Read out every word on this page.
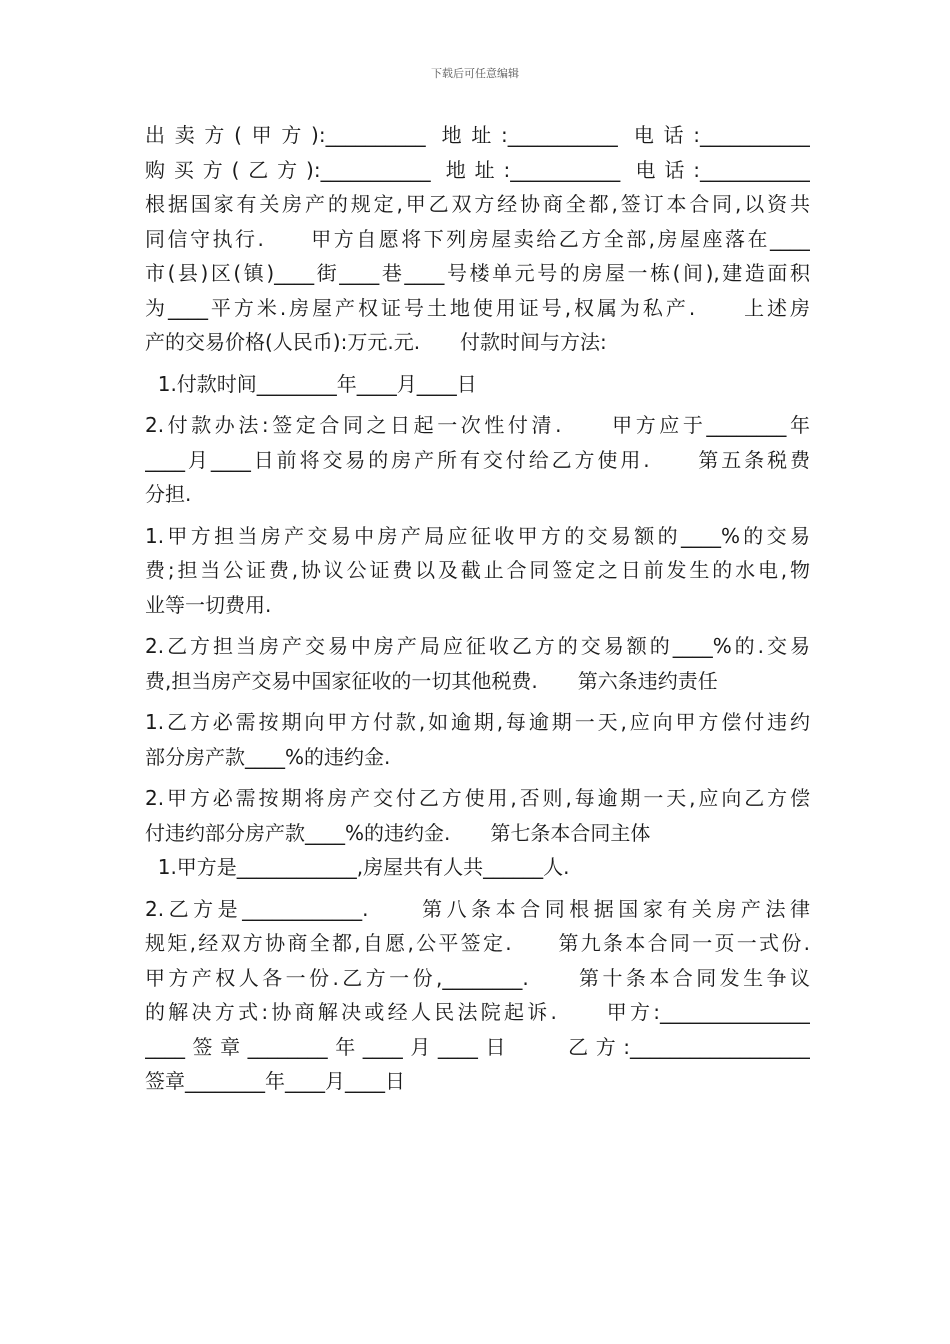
下载后可任意编辑
出卖方(甲方):__________ 地址:___________ 电话:___________
购买方(乙方):___________ 地址:___________ 电话:___________
根据国家有关房产的规定,甲乙双方经协商全都,签订本合同,以资共
同信守执行.　　甲方自愿将下列房屋卖给乙方全部,房屋座落在____
市(县)区(镇)____街____巷____号楼单元号的房屋一栋(间),建造面积
为____平方米.房屋产权证号土地使用证号,权属为私产.　　上述房
产的交易价格(人民币):万元.元.　　付款时间与方法:
1.付款时间________年____月____日
2.付款办法:签定合同之日起一次性付清.　　甲方应于________年
____月____日前将交易的房产所有交付给乙方使用.　　第五条税费
分担.
1.甲方担当房产交易中房产局应征收甲方的交易额的____%的交易
费;担当公证费,协议公证费以及截止合同签定之日前发生的水电,物
业等一切费用.
2.乙方担当房产交易中房产局应征收乙方的交易额的____%的.交易
费,担当房产交易中国家征收的一切其他税费.　　第六条违约责任
1.乙方必需按期向甲方付款,如逾期,每逾期一天,应向甲方偿付违约
部分房产款____%的违约金.
2.甲方必需按期将房产交付乙方使用,否则,每逾期一天,应向乙方偿
付违约部分房产款____%的违约金.　　第七条本合同主体
1.甲方是____________,房屋共有人共______人.
2.乙方是____________.　　第八条本合同根据国家有关房产法律
规矩,经双方协商全都,自愿,公平签定.　　第九条本合同一页一式份.
甲方产权人各一份.乙方一份,________.　　第十条本合同发生争议
的解决方式:协商解决或经人民法院起诉.　　甲方:_______________
____签章________年____月____日　　乙方:__________________
签章________年____月____日
